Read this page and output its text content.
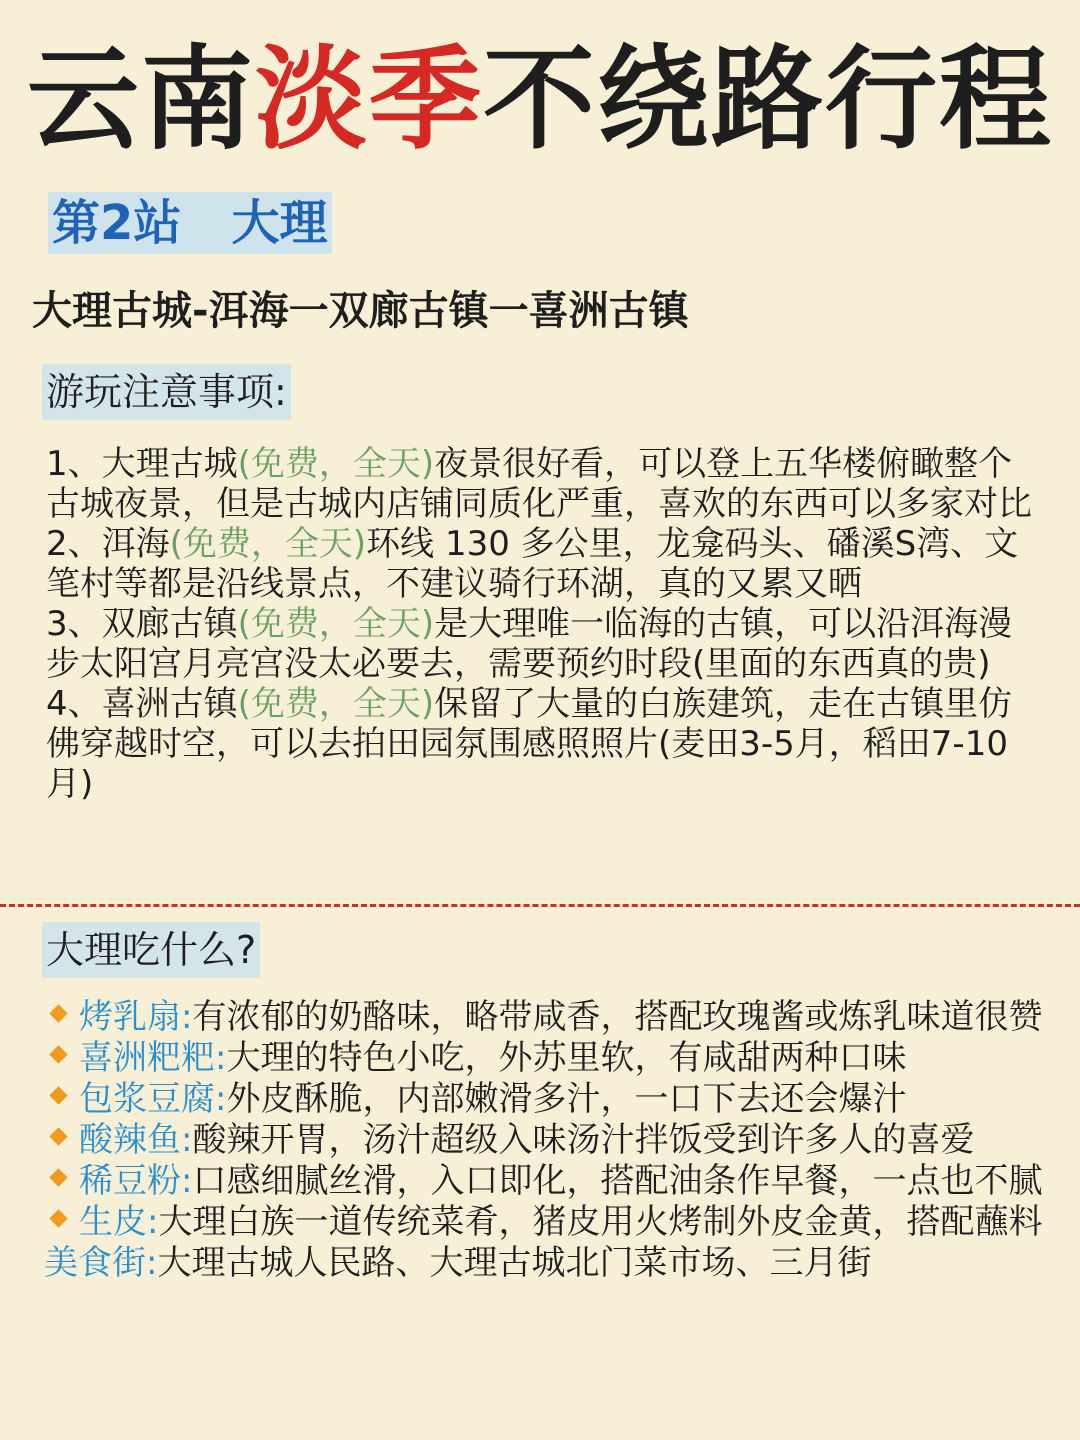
云南淡季不绕路行程
第2站   大理
大理古城-洱海一双廊古镇一喜洲古镇
游玩注意事项:

1、大理古城(免费，全天)夜景很好看，可以登上五华楼俯瞰整个古城夜景，但是古城内店铺同质化严重，喜欢的东西可以多家对比

2、洱海(免费，全天)环线 130 多公里，龙龛码头、磻溪S湾、文笔村等都是沿线景点，不建议骑行环湖，真的又累又晒

3、双廊古镇(免费，全天)是大理唯一临海的古镇，可以沿洱海漫步太阳宫月亮宫没太必要去，需要预约时段(里面的东西真的贵)

4、喜洲古镇(免费，全天)保留了大量的白族建筑，走在古镇里仿佛穿越时空，可以去拍田园氛围感照照片(麦田3-5月，稻田7-10月)

大理吃什么?

烤乳扇:有浓郁的奶酪味，略带咸香，搭配玫瑰酱或炼乳味道很赞

喜洲粑粑:大理的特色小吃，外苏里软，有咸甜两种口味

包浆豆腐:外皮酥脆，内部嫩滑多汁，一口下去还会爆汁

酸辣鱼:酸辣开胃，汤汁超级入味汤汁拌饭受到许多人的喜爱

稀豆粉:口感细腻丝滑，入口即化，搭配油条作早餐，一点也不腻

生皮:大理白族一道传统菜肴，猪皮用火烤制外皮金黄，搭配蘸料

美食街:大理古城人民路、大理古城北门菜市场、三月街
